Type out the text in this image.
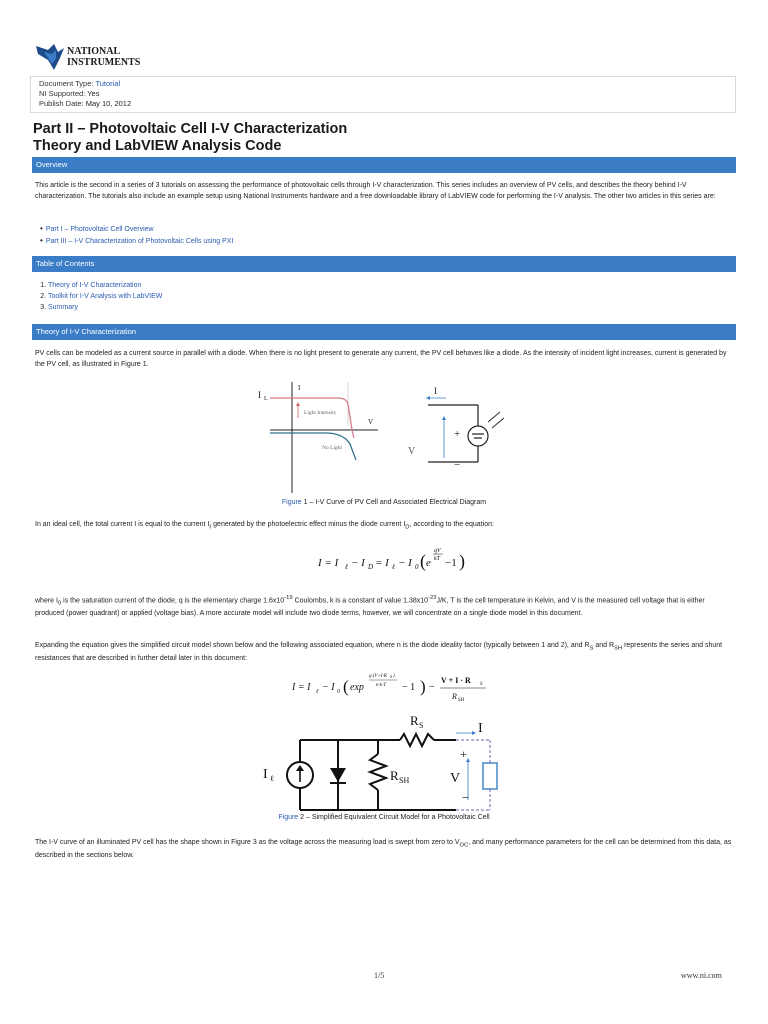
NATIONAL
INSTRUMENTS
Document Type: Tutorial
NI Supported: Yes
Publish Date: May 10, 2012
Part II – Photovoltaic Cell I-V Characterization
Theory and LabVIEW Analysis Code
Overview
This article is the second in a series of 3 tutorials on assessing the performance of photovoltaic cells through I-V characterization. This series includes an overview of PV cells, and describes the theory behind I-V characterization. The tutorials also include an example setup using National Instruments hardware and a free downloadable library of LabVIEW code for performing the I-V analysis. The other two articles in this series are:
• Part I – Photovoltaic Cell Overview
• Part III – I-V Characterization of Photovoltaic Cells using PXI
Table of Contents
1. Theory of I-V Characterization
2. Toolkit for I-V Analysis with LabVIEW
3. Summary
Theory of I-V Characterization
PV cells can be modeled as a current source in parallel with a diode. When there is no light present to generate any current, the PV cell behaves like a diode. As the intensity of incident light increases, current is generated by the PV cell, as illustrated in Figure 1.
I L
I
V
Light Intensity
No Light
I
V
+
−
Figure 1 – I-V Curve of PV Cell and Associated Electrical Diagram
In an ideal cell, the total current I is equal to the current $I_\ell$ generated by the photoelectric effect minus the diode current $I_D$, according to the equation:
I = I ℓ − I D = I ℓ − I 0 ( e
qV
kT −1 )
where $I_0$ is the saturation current of the diode, q is the elementary charge $1.6x10^{-19}$ Coulombs, k is a constant of value $1.38x10^{-23}J/K$, T is the cell temperature in Kelvin, and V is the measured cell voltage that is either produced (power quadrant) or applied (voltage bias). A more accurate model will include two diode terms, however, we will concentrate on a single diode model in this document.
Expanding the equation gives the simplified circuit model shown below and the following associated equation, where n is the diode ideality factor (typically between 1 and 2), and $R_S$ and $R_{SH}$ represents the series and shunt resistances that are described in further detail later in this document:
I = I ℓ − I 0 ( exp
q·(V+I·R S )
n·k·T − 1 ) −
V + I · R S
R SH
R S	I
+
I ℓ	R SH	V
−
Figure 2 – Simplified Equivalent Circuit Model for a Photovoltaic Cell
The I-V curve of an illuminated PV cell has the shape shown in Figure 3 as the voltage across the measuring load is swept from zero to $V_{OC}$, and many performance parameters for the cell can be determined from this data, as described in the sections below.
1/5	www.ni.com
